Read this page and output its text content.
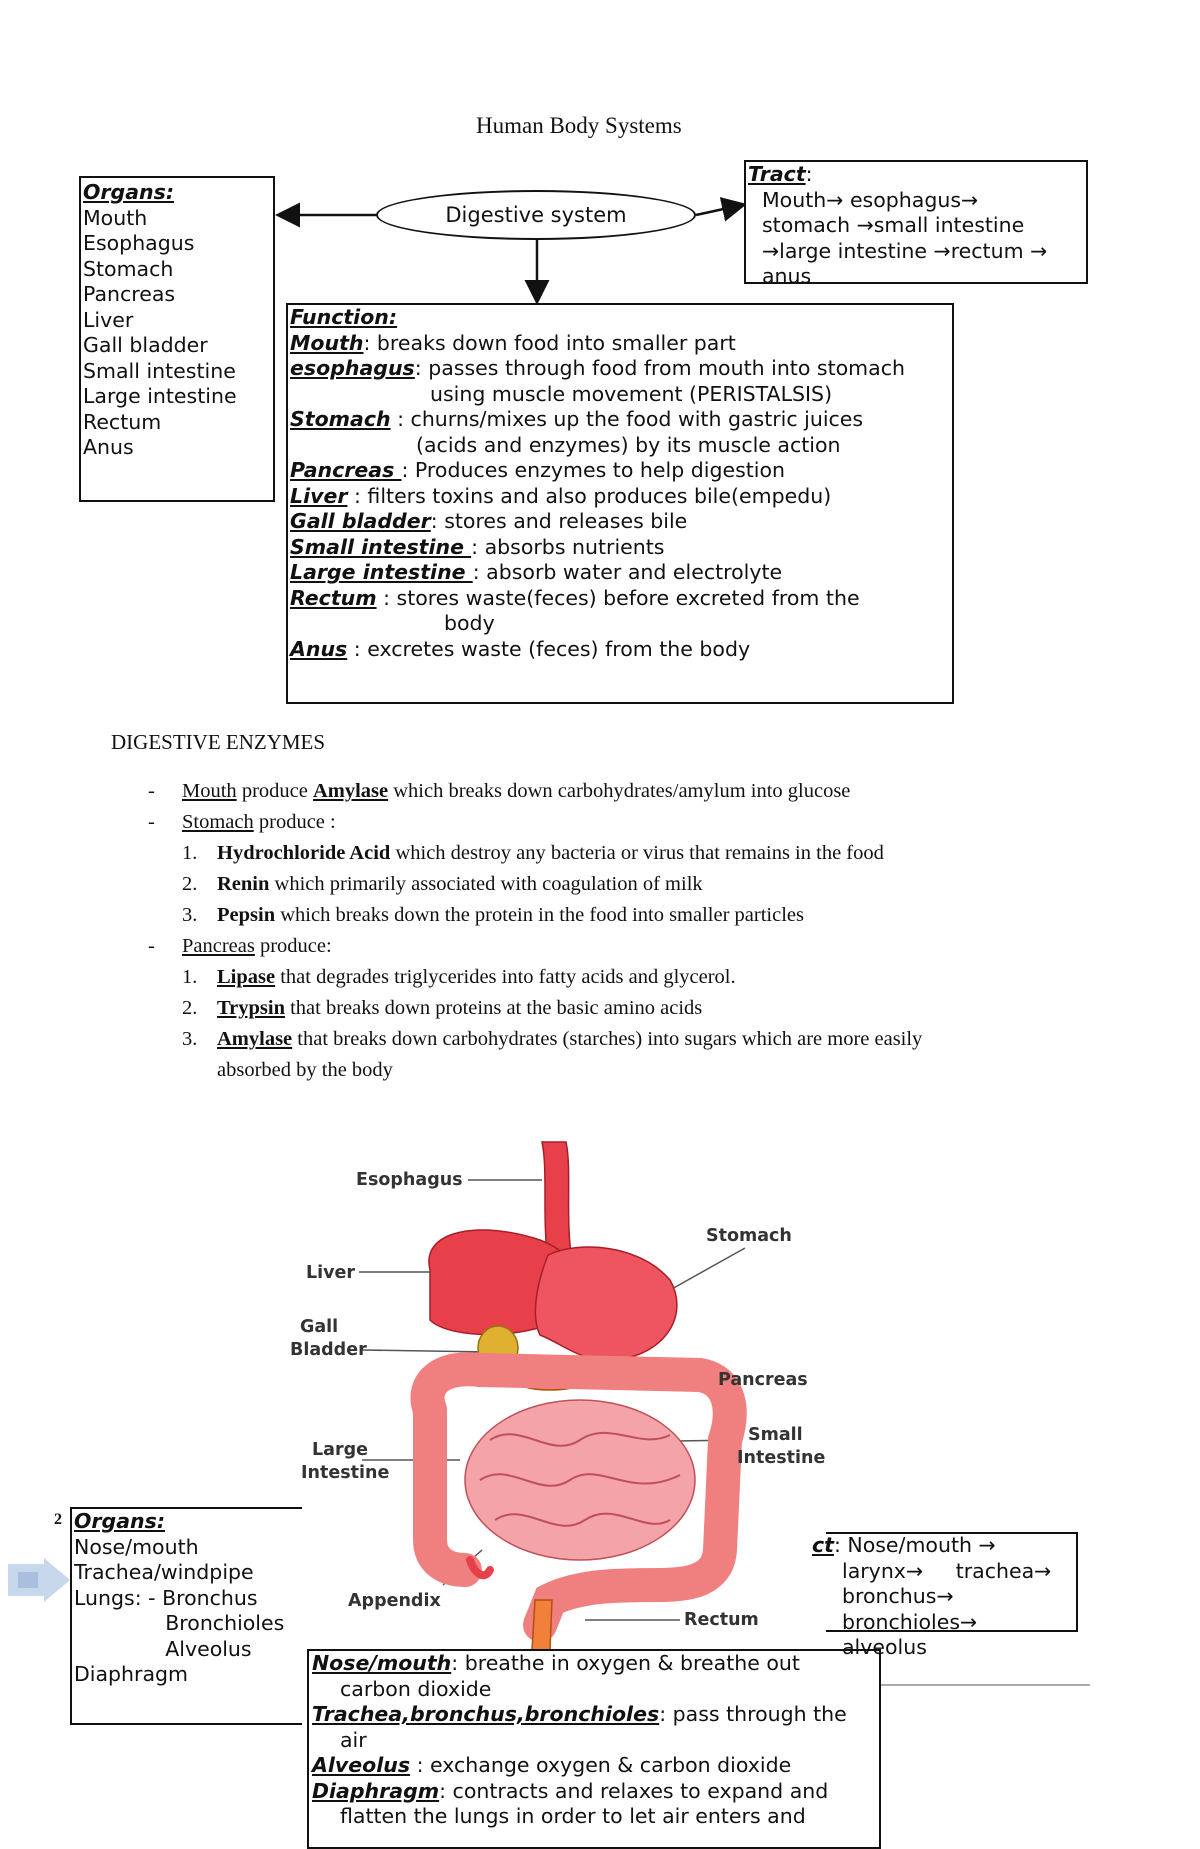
Human Body Systems
Organs:
Mouth
Esophagus
Stomach
Pancreas
Liver
Gall bladder
Small intestine
Large intestine
Rectum
Anus
Digestive system
Tract:
Mouth→ esophagus→
stomach →small intestine
→large intestine →rectum →
anus
Function:
Mouth: breaks down food into smaller part
esophagus: passes through food from mouth into stomach
using muscle movement (PERISTALSIS)
Stomach : churns/mixes up the food with gastric juices
(acids and enzymes) by its muscle action
Pancreas : Produces enzymes to help digestion
Liver : filters toxins and also produces bile(empedu)
Gall bladder: stores and releases bile
Small intestine : absorbs nutrients
Large intestine : absorb water and electrolyte
Rectum : stores waste(feces) before excreted from the
body
Anus : excretes waste (feces) from the body
DIGESTIVE ENZYMES
- Mouth produce Amylase which breaks down carbohydrates/amylum into glucose
- Stomach produce :
1. Hydrochloride Acid which destroy any bacteria or virus that remains in the food
2. Renin which primarily associated with coagulation of milk
3. Pepsin which breaks down the protein in the food into smaller particles
- Pancreas produce:
1. Lipase that degrades triglycerides into fatty acids and glycerol.
2. Trypsin that breaks down proteins at the basic amino acids
3. Amylase that breaks down carbohydrates (starches) into sugars which are more easily
absorbed by the body
Esophagus
Stomach
Liver
Gall
Bladder
Pancreas
Small
Intestine
Large
Intestine
Appendix
Rectum
2 Organs:
Nose/mouth
Trachea/windpipe
Lungs: - Bronchus
Bronchioles
Alveolus
Diaphragm
ct: Nose/mouth →
larynx→     trachea→
bronchus→
bronchioles→
alveolus
Nose/mouth: breathe in oxygen & breathe out
carbon dioxide
Trachea,bronchus,bronchioles: pass through the
air
Alveolus : exchange oxygen & carbon dioxide
Diaphragm: contracts and relaxes to expand and
flatten the lungs in order to let air enters and
